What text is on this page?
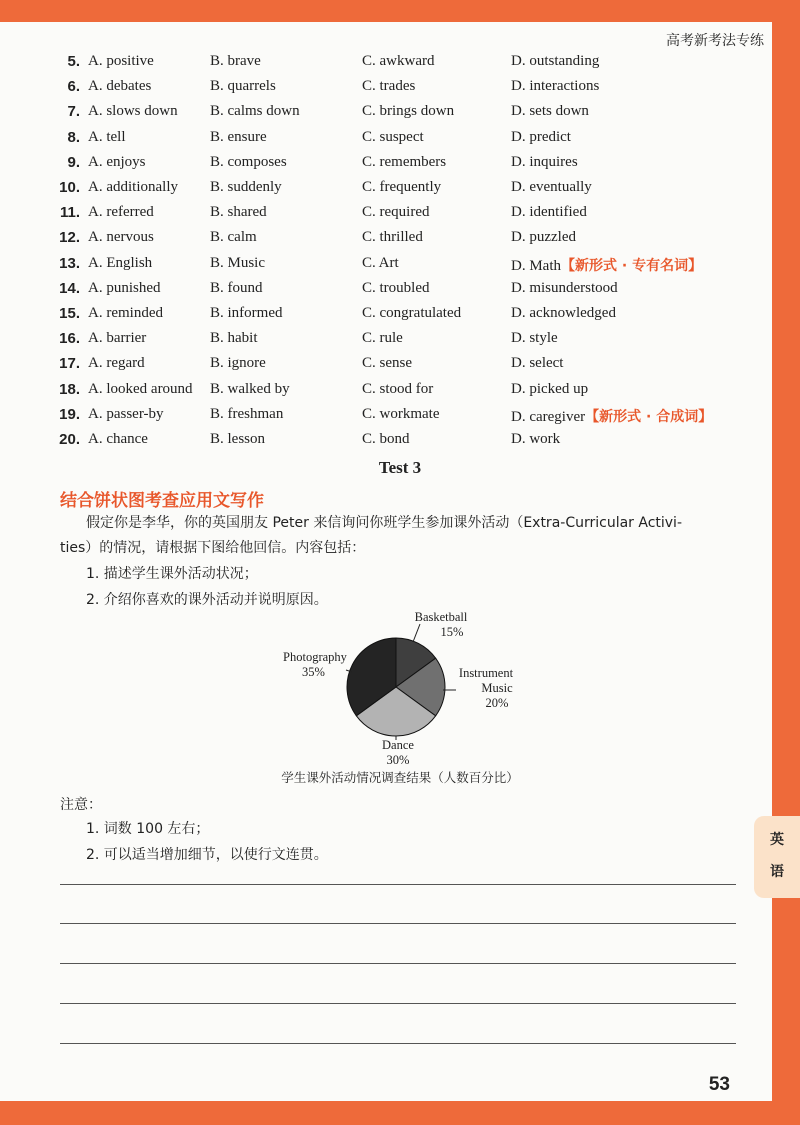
高考新考法专练
5. A. positive	B. brave	C. awkward	D. outstanding
6. A. debates	B. quarrels	C. trades	D. interactions
7. A. slows down B. calms down	C. brings down	D. sets down
8. A. tell	B. ensure	C. suspect	D. predict
9. A. enjoys	B. composes	C. remembers	D. inquires
10. A. additionally B. suddenly	C. frequently	D. eventually
11. A. referred	B. shared	C. required	D. identified
12. A. nervous	B. calm	C. thrilled	D. puzzled
13. A. English	B. Music	C. Art	D. Math【新形式 · 专有名词】
14. A. punished	B. found	C. troubled	D. misunderstood
15. A. reminded	B. informed	C. congratulated	D. acknowledged
16. A. barrier	B. habit	C. rule	D. style
17. A. regard	B. ignore	C. sense	D. select
18. A. looked around B. walked by	C. stood for	D. picked up
19. A. passer-by	B. freshman	C. workmate	D. caregiver【新形式 · 合成词】
20. A. chance	B. lesson	C. bond	D. work
Test 3
结合饼状图考查应用文写作
假定你是李华，你的英国朋友 Peter 来信询问你班学生参加课外活动（Extra-Curricular Activi-
ties）的情况，请根据下图给他回信。内容包括：
1. 描述学生课外活动状况；
2. 介绍你喜欢的课外活动并说明原因。
Basketball
15%
Photography
35%	Instrument
Music
20%
Dance
30%
学生课外活动情况调查结果（人数百分比）
注意：
1. 词数 100 左右；
2. 可以适当增加细节，以使行文连贯。
英
语
53
